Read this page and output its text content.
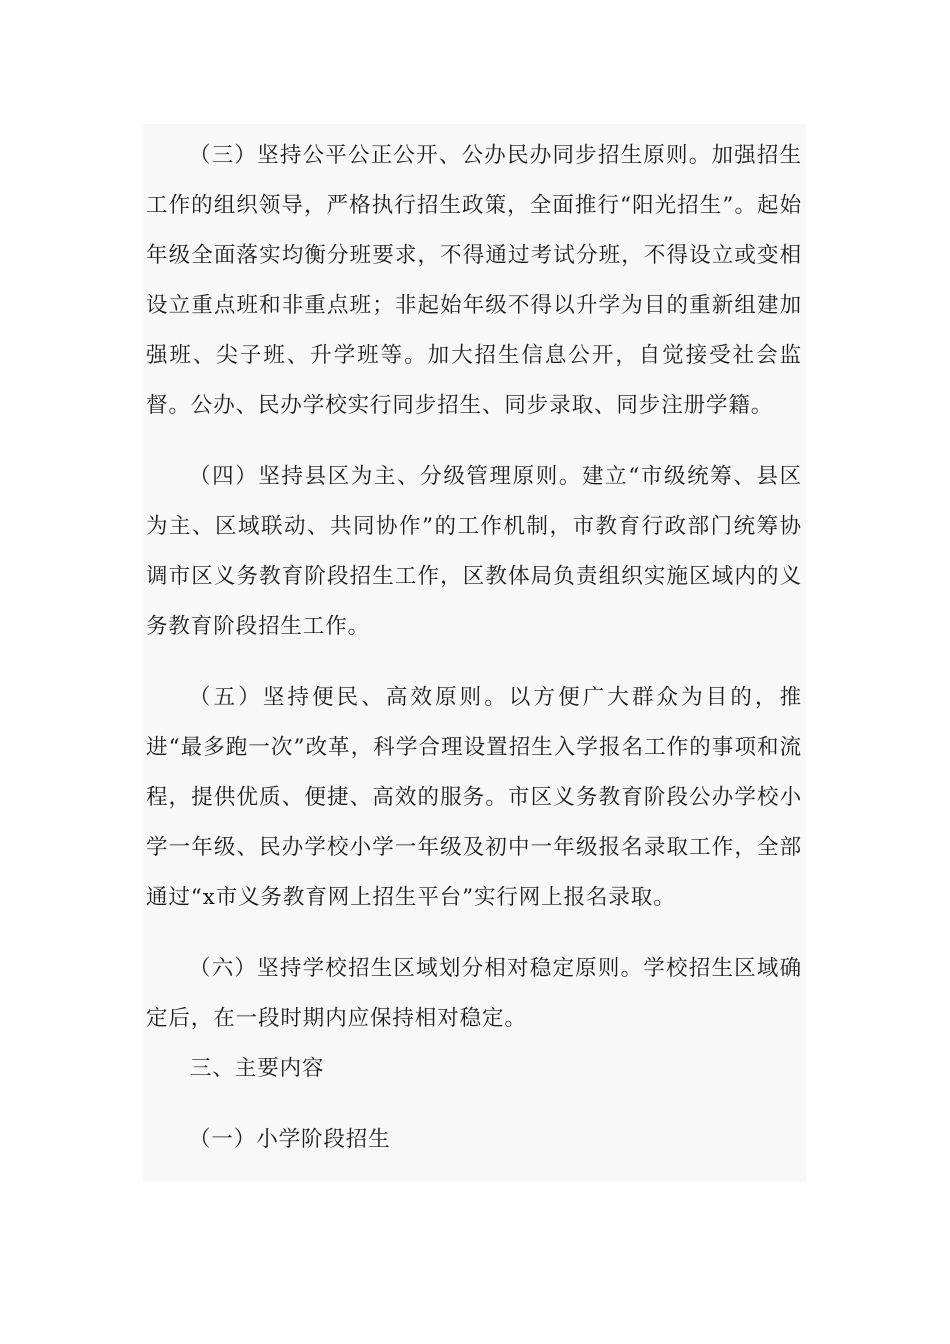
（三）坚持公平公正公开、公办民办同步招生原则。加强招生工作的组织领导，严格执行招生政策，全面推行“阳光招生”。起始年级全面落实均衡分班要求，不得通过考试分班，不得设立或变相设立重点班和非重点班；非起始年级不得以升学为目的重新组建加强班、尖子班、升学班等。加大招生信息公开，自觉接受社会监督。公办、民办学校实行同步招生、同步录取、同步注册学籍。

（四）坚持县区为主、分级管理原则。建立“市级统筹、县区为主、区域联动、共同协作”的工作机制，市教育行政部门统筹协调市区义务教育阶段招生工作，区教体局负责组织实施区域内的义务教育阶段招生工作。

（五）坚持便民、高效原则。以方便广大群众为目的，推进“最多跑一次”改革，科学合理设置招生入学报名工作的事项和流程，提供优质、便捷、高效的服务。市区义务教育阶段公办学校小学一年级、民办学校小学一年级及初中一年级报名录取工作，全部通过“x市义务教育网上招生平台”实行网上报名录取。

（六）坚持学校招生区域划分相对稳定原则。学校招生区域确定后，在一段时期内应保持相对稳定。

三、主要内容

（一）小学阶段招生
